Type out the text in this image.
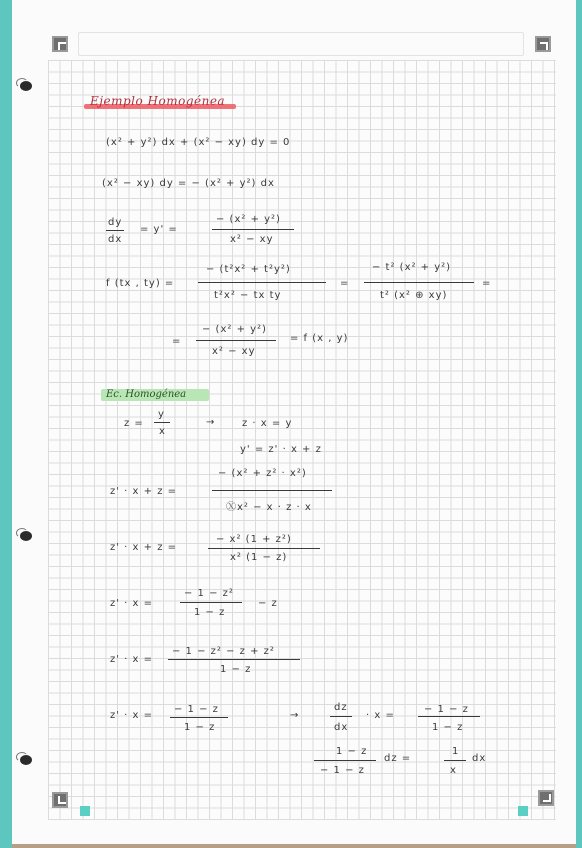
Ejemplo Homogénea
(x² + y²) dx + (x² − xy) dy = 0
(x² − xy) dy = − (x² + y²) dx
dy
dx
= y' =
− (x² + y²)
x² − xy
f (tx , ty) =
− (t²x² + t²y²)
t²x² − tx ty
=
− t² (x² + y²)
t² (x² ⊕ xy)
=
=
− (x² + y²)
x² − xy
= f (x , y)
Ec. Homogénea
z =
y
x
→	z · x = y
y' = z' · x + z
z' · x + z =
− (x² + z² · x²)
Ⓧx² − x · z · x
z' · x + z =
− x² (1 + z²)
x² (1 − z)
z' · x =
− 1 − z²
1 − z
− z
z' · x =
− 1 − z² − z + z²
1 − z
z' · x =
− 1 − z
1 − z
→
dz
dx
· x =
− 1 − z
1 − z
1 − z
− 1 − z
dz =
1
x
dx
